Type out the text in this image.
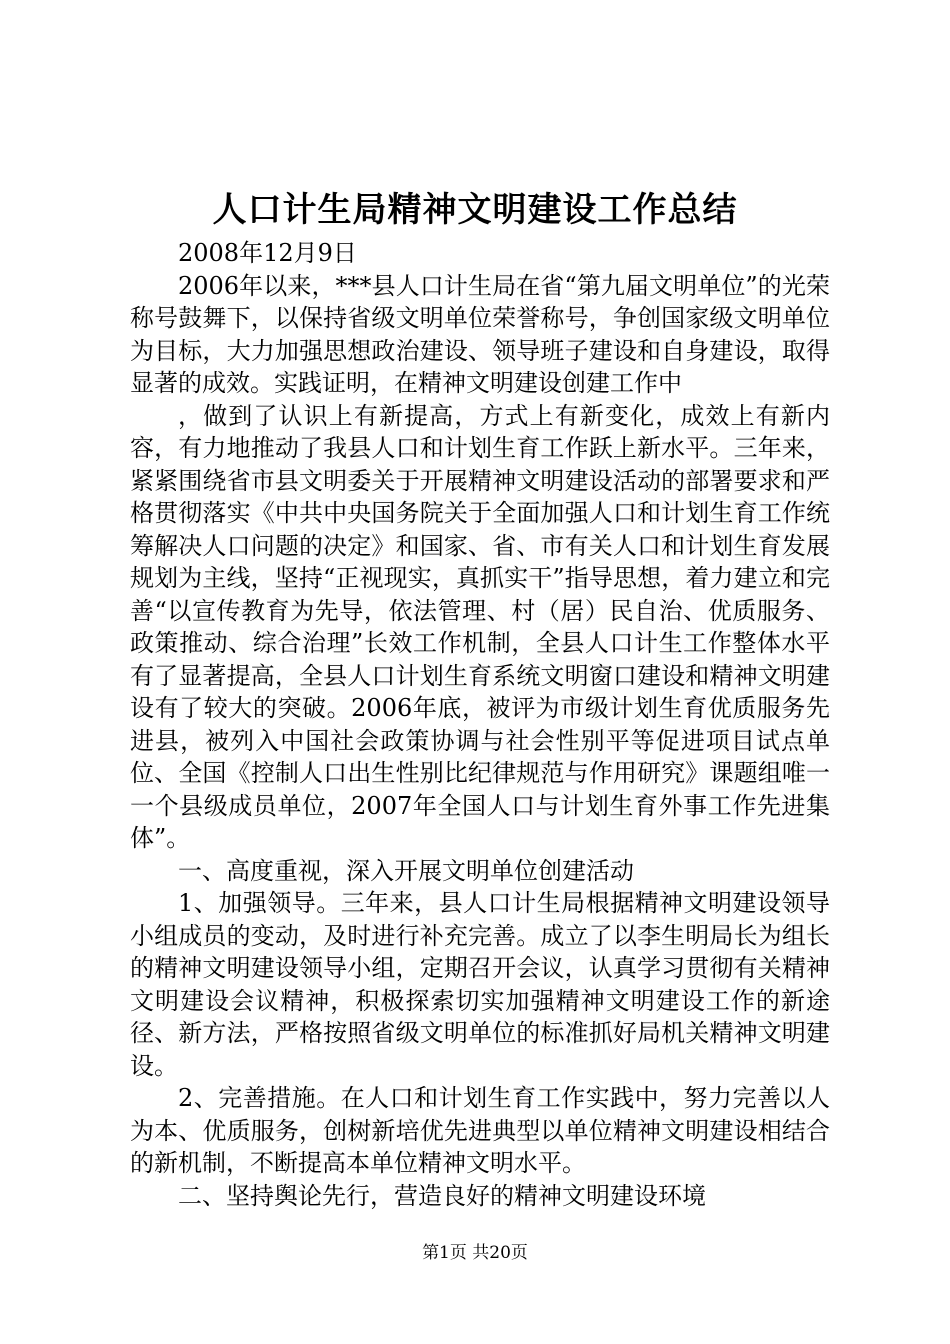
人口计生局精神文明建设工作总结

2008年12月9日

2006年以来，***县人口计生局在省“第九届文明单位”的光荣称号鼓舞下，以保持省级文明单位荣誉称号，争创国家级文明单位为目标，大力加强思想政治建设、领导班子建设和自身建设，取得显著的成效。实践证明，在精神文明建设创建工作中

，做到了认识上有新提高，方式上有新变化，成效上有新内容，有力地推动了我县人口和计划生育工作跃上新水平。三年来，紧紧围绕省市县文明委关于开展精神文明建设活动的部署要求和严格贯彻落实《中共中央国务院关于全面加强人口和计划生育工作统筹解决人口问题的决定》和国家、省、市有关人口和计划生育发展规划为主线，坚持“正视现实，真抓实干”指导思想，着力建立和完善“以宣传教育为先导，依法管理、村（居）民自治、优质服务、政策推动、综合治理”长效工作机制，全县人口计生工作整体水平有了显著提高，全县人口计划生育系统文明窗口建设和精神文明建设有了较大的突破。2006年底，被评为市级计划生育优质服务先进县，被列入中国社会政策协调与社会性别平等促进项目试点单位、全国《控制人口出生性别比纪律规范与作用研究》课题组唯一一个县级成员单位，2007年全国人口与计划生育外事工作先进集体”。

一、高度重视，深入开展文明单位创建活动

1、加强领导。三年来，县人口计生局根据精神文明建设领导小组成员的变动，及时进行补充完善。成立了以李生明局长为组长的精神文明建设领导小组，定期召开会议，认真学习贯彻有关精神文明建设会议精神，积极探索切实加强精神文明建设工作的新途径、新方法，严格按照省级文明单位的标准抓好局机关精神文明建设。

2、完善措施。在人口和计划生育工作实践中，努力完善以人为本、优质服务，创树新培优先进典型以单位精神文明建设相结合的新机制，不断提高本单位精神文明水平。

二、坚持舆论先行，营造良好的精神文明建设环境

第1页 共20页
